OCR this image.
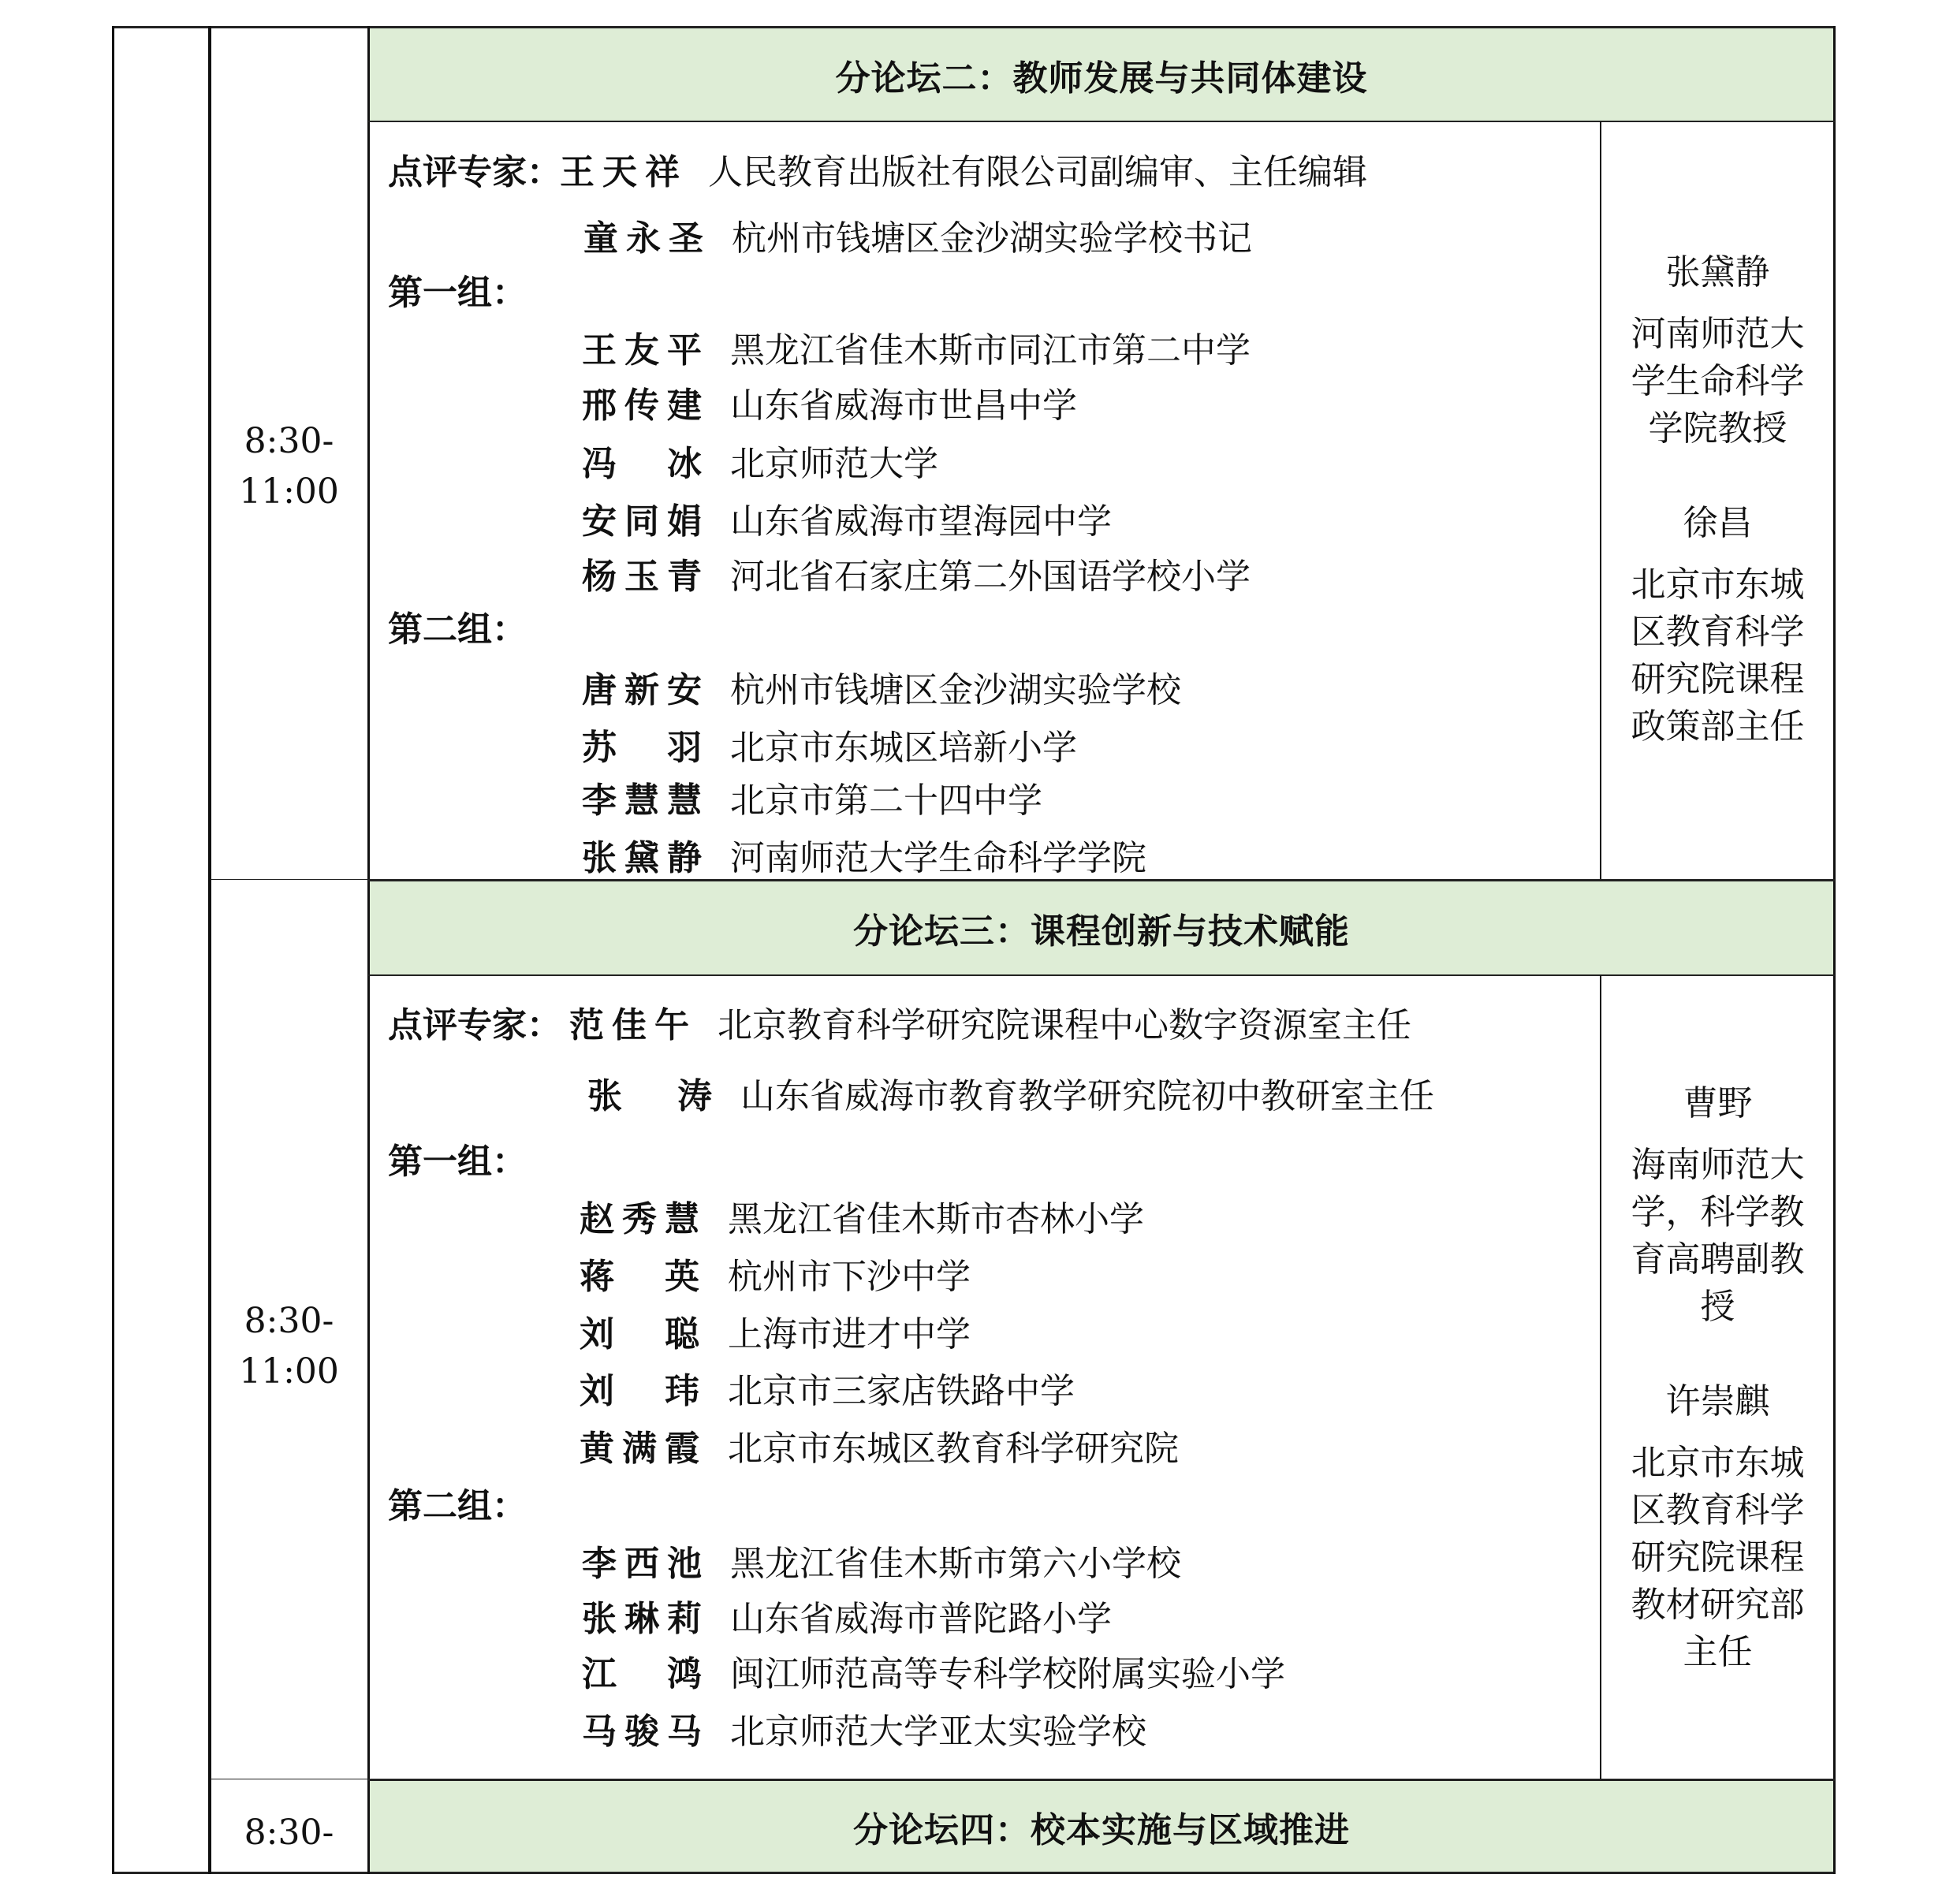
分论坛二：教师发展与共同体建设
8:30-
11:00
点评专家：
王天祥 人民教育出版社有限公司副编审、主任编辑
童永圣 杭州市钱塘区金沙湖实验学校书记
第一组：
王友平 黑龙江省佳木斯市同江市第二中学
邢传建 山东省威海市世昌中学
冯　冰 北京师范大学
安同娟 山东省威海市望海园中学
杨玉青 河北省石家庄第二外国语学校小学
第二组：
唐新安 杭州市钱塘区金沙湖实验学校
苏　羽 北京市东城区培新小学
李慧慧 北京市第二十四中学
张黛静 河南师范大学生命科学学院
张黛静
河南师范大学生命科学学院教授
徐昌
北京市东城区教育科学研究院课程政策部主任
分论坛三：课程创新与技术赋能
8:30-
11:00
点评专家： 范佳午 北京教育科学研究院课程中心数字资源室主任
张　涛 山东省威海市教育教学研究院初中教研室主任
第一组：
赵秀慧 黑龙江省佳木斯市杏林小学
蒋　英 杭州市下沙中学
刘　聪 上海市进才中学
刘　玮 北京市三家店铁路中学
黄满霞 北京市东城区教育科学研究院
第二组：
李西池 黑龙江省佳木斯市第六小学校
张琳莉 山东省威海市普陀路小学
江　鸿 闽江师范高等专科学校附属实验小学
马骏马 北京师范大学亚太实验学校
曹野
海南师范大学，科学教育高聘副教授
许崇麒
北京市东城区教育科学研究院课程教材研究部主任
分论坛四：校本实施与区域推进
8:30-
